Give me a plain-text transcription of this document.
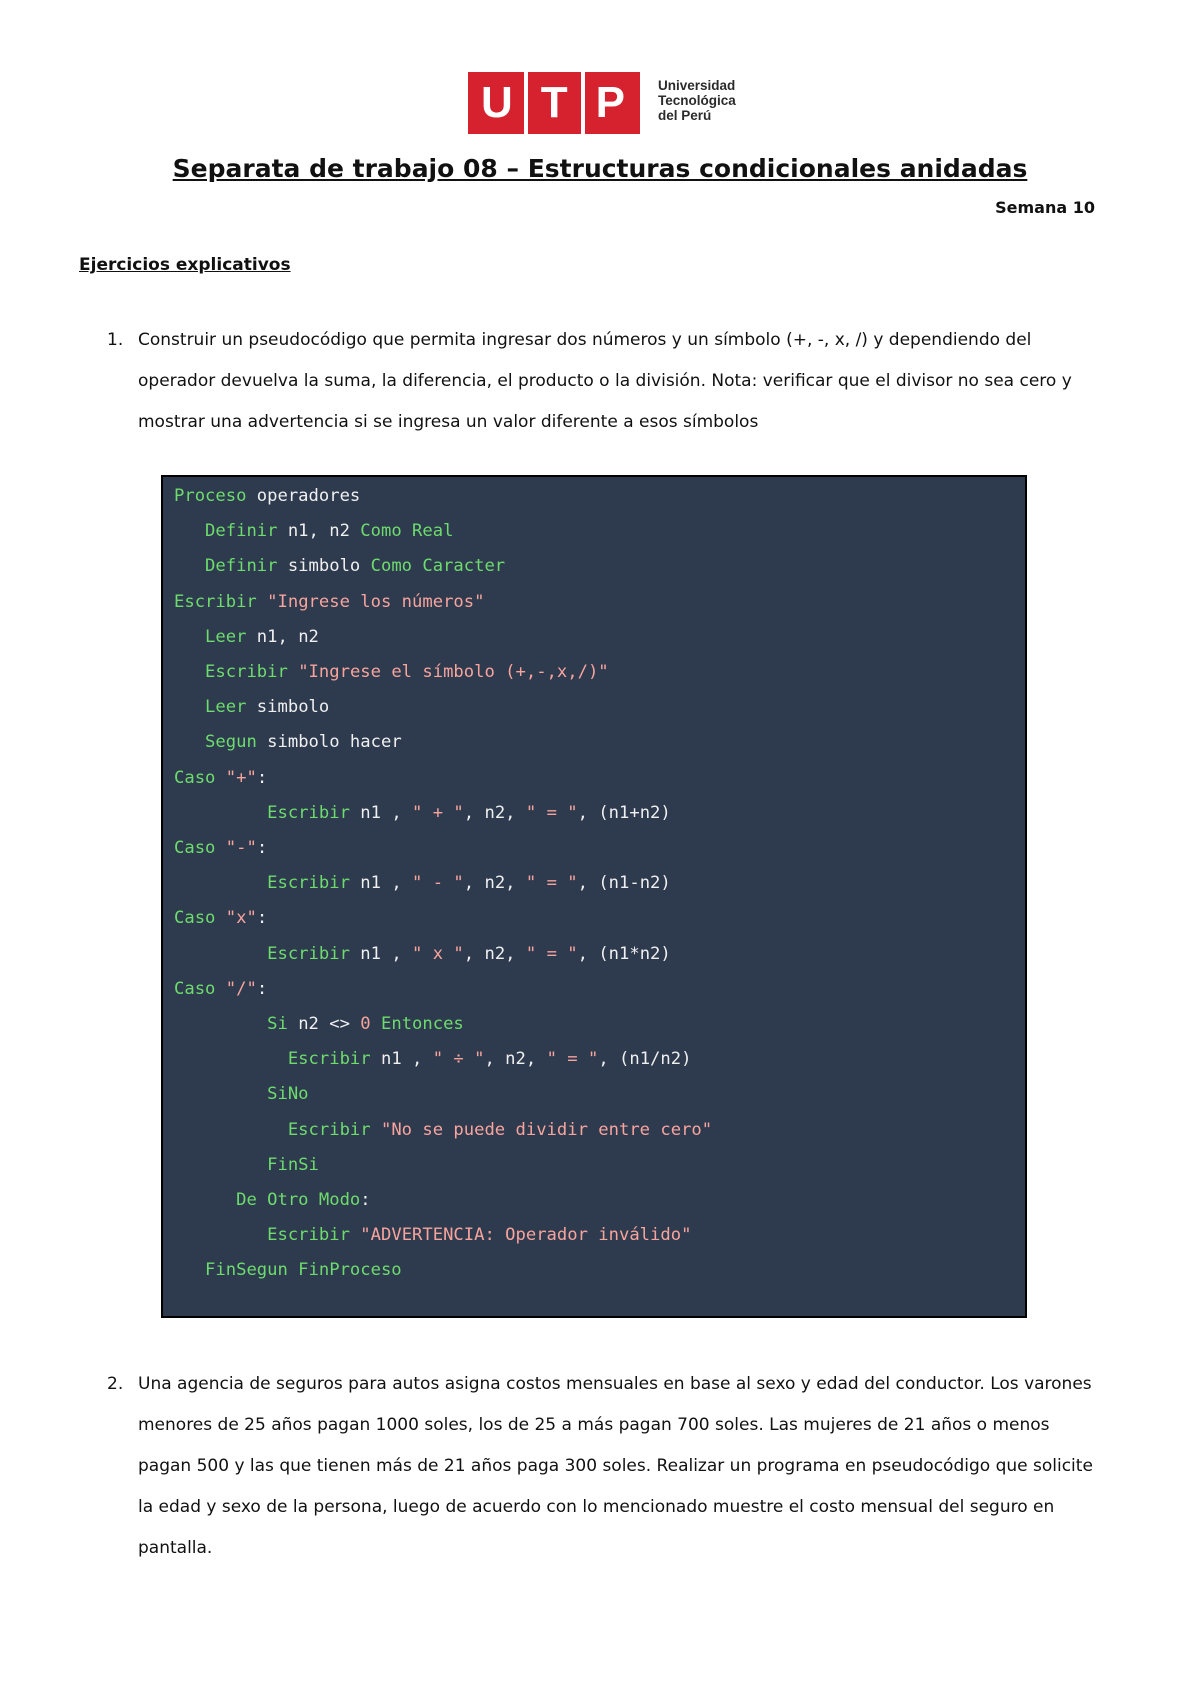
U T P Universidad
Tecnológica
del Perú
Separata de trabajo 08 – Estructuras condicionales anidadas
Semana 10
Ejercicios explicativos
1. Construir un pseudocódigo que permita ingresar dos números y un símbolo (+, -, x, /) y dependiendo del operador devuelva la suma, la diferencia, el producto o la división. Nota: verificar que el divisor no sea cero y mostrar una advertencia si se ingresa un valor diferente a esos símbolos
Proceso operadores
Definir n1, n2 Como Real
Definir simbolo Como Caracter
Escribir "Ingrese los números"
Leer n1, n2
Escribir "Ingrese el símbolo (+,-,x,/)"
Leer simbolo
Segun simbolo hacer
Caso "+":
Escribir n1 , " + ", n2, " = ", (n1+n2)
Caso "-":
Escribir n1 , " - ", n2, " = ", (n1-n2)
Caso "x":
Escribir n1 , " x ", n2, " = ", (n1*n2)
Caso "/":
Si n2 <> 0 Entonces
Escribir n1 , " ÷ ", n2, " = ", (n1/n2)
SiNo
Escribir "No se puede dividir entre cero"
FinSi
De Otro Modo:
Escribir "ADVERTENCIA: Operador inválido"
FinSegun FinProceso
2. Una agencia de seguros para autos asigna costos mensuales en base al sexo y edad del conductor. Los varones menores de 25 años pagan 1000 soles, los de 25 a más pagan 700 soles. Las mujeres de 21 años o menos pagan 500 y las que tienen más de 21 años paga 300 soles. Realizar un programa en pseudocódigo que solicite la edad y sexo de la persona, luego de acuerdo con lo mencionado muestre el costo mensual del seguro en pantalla.
